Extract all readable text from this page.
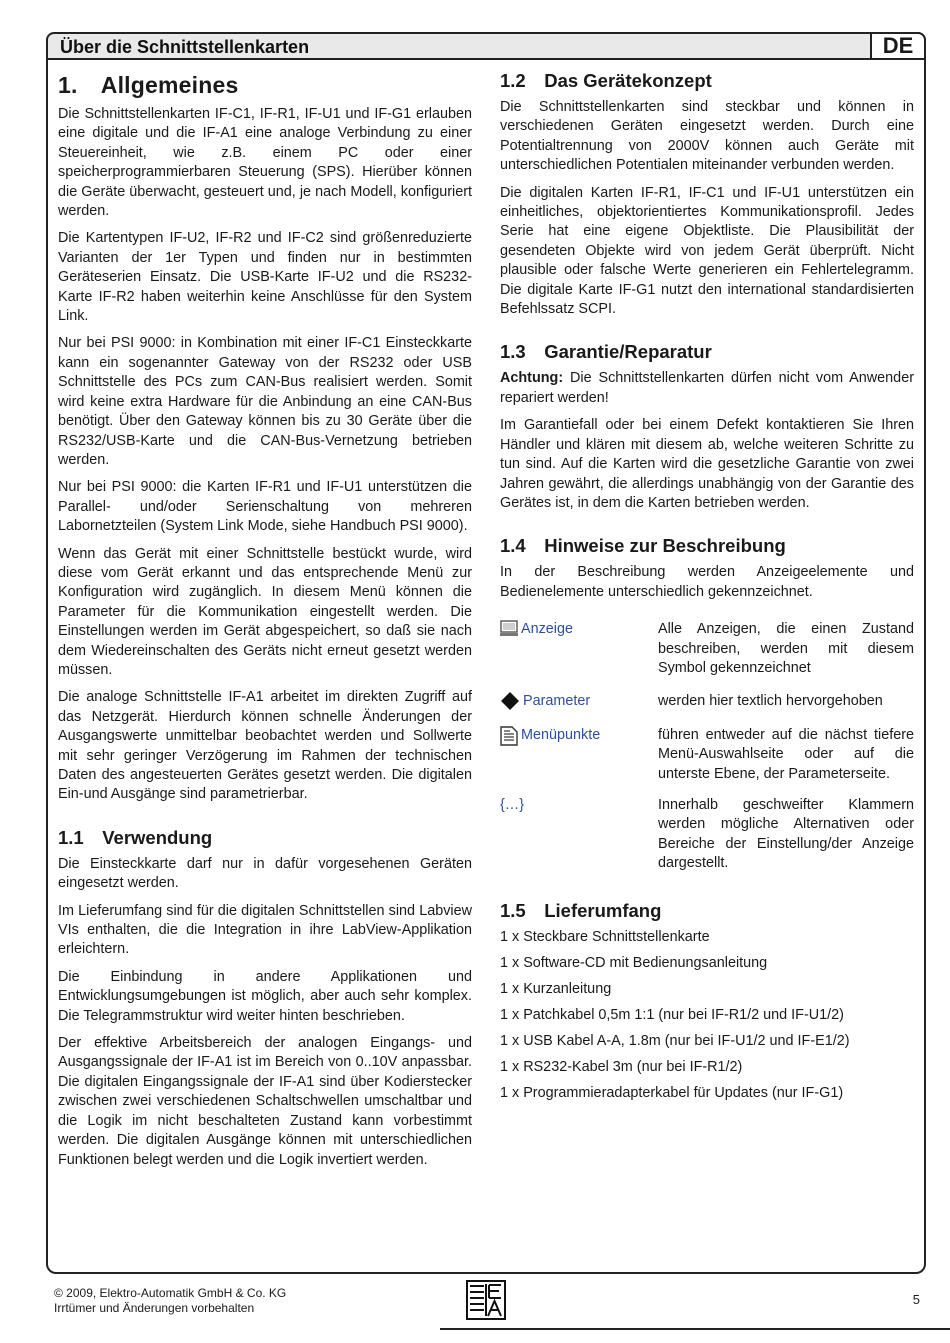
Über die Schnittstellenkarten	DE
1. Allgemeines

Die Schnittstellenkarten IF-C1, IF-R1, IF-U1 und IF-G1 erlauben eine digitale und die IF-A1 eine analoge Verbindung zu einer Steuereinheit, wie z.B. einem PC oder einer speicherprogrammierbaren Steuerung (SPS). Hierüber können die Geräte überwacht, gesteuert und, je nach Modell, konfiguriert werden.

Die Kartentypen IF-U2, IF-R2 und IF-C2 sind größenreduzierte Varianten der 1er Typen und finden nur in bestimmten Geräteserien Einsatz. Die USB-Karte IF-U2 und die RS232-Karte IF-R2 haben weiterhin keine Anschlüsse für den System Link.

Nur bei PSI 9000: in Kombination mit einer IF-C1 Einsteckkarte kann ein sogenannter Gateway von der RS232 oder USB Schnittstelle des PCs zum CAN-Bus realisiert werden. Somit wird keine extra Hardware für die Anbindung an eine CAN-Bus benötigt. Über den Gateway können bis zu 30 Geräte über die RS232/USB-Karte und die CAN-Bus-Vernetzung betrieben werden.

Nur bei PSI 9000: die Karten IF-R1 und IF-U1 unterstützen die Parallel- und/oder Serienschaltung von mehreren Labornetzteilen (System Link Mode, siehe Handbuch PSI 9000).

Wenn das Gerät mit einer Schnittstelle bestückt wurde, wird diese vom Gerät erkannt und das entsprechende Menü zur Konfiguration wird zugänglich. In diesem Menü können die Parameter für die Kommunikation eingestellt werden. Die Einstellungen werden im Gerät abgespeichert, so daß sie nach dem Wiedereinschalten des Geräts nicht erneut gesetzt werden müssen.

Die analoge Schnittstelle IF-A1 arbeitet im direkten Zugriff auf das Netzgerät. Hierdurch können schnelle Änderungen der Ausgangswerte unmittelbar beobachtet werden und Sollwerte mit sehr geringer Verzögerung im Rahmen der technischen Daten des angesteuerten Gerätes gesetzt werden. Die digitalen Ein-und Ausgänge sind parametrierbar.

1.1 Verwendung

Die Einsteckkarte darf nur in dafür vorgesehenen Geräten eingesetzt werden.

Im Lieferumfang sind für die digitalen Schnittstellen sind Labview VIs enthalten, die die Integration in ihre LabView-Applikation erleichtern.

Die Einbindung in andere Applikationen und Entwicklungsumgebungen ist möglich, aber auch sehr komplex. Die Telegrammstruktur wird weiter hinten beschrieben.

Der effektive Arbeitsbereich der analogen Eingangs- und Ausgangssignale der IF-A1 ist im Bereich von 0..10V anpassbar. Die digitalen Eingangssignale der IF-A1 sind über Kodierstecker zwischen zwei verschiedenen Schaltschwellen umschaltbar und die Logik im nicht beschalteten Zustand kann vorbestimmt werden. Die digitalen Ausgänge können mit unterschiedlichen Funktionen belegt werden und die Logik invertiert werden.

1.2 Das Gerätekonzept

Die Schnittstellenkarten sind steckbar und können in verschiedenen Geräten eingesetzt werden. Durch eine Potentialtrennung von 2000V können auch Geräte mit unterschiedlichen Potentialen miteinander verbunden werden.

Die digitalen Karten IF-R1, IF-C1 und IF-U1 unterstützen ein einheitliches, objektorientiertes Kommunikationsprofil. Jedes Serie hat eine eigene Objektliste. Die Plausibilität der gesendeten Objekte wird von jedem Gerät überprüft. Nicht plausible oder falsche Werte generieren ein Fehlertelegramm. Die digitale Karte IF-G1 nutzt den international standardisierten Befehlssatz SCPI.

1.3 Garantie/Reparatur

Achtung: Die Schnittstellenkarten dürfen nicht vom Anwender repariert werden!

Im Garantiefall oder bei einem Defekt kontaktieren Sie Ihren Händler und klären mit diesem ab, welche weiteren Schritte zu tun sind. Auf die Karten wird die gesetzliche Garantie von zwei Jahren gewährt, die allerdings unabhängig von der Garantie des Gerätes ist, in dem die Karten betrieben werden.

1.4 Hinweise zur Beschreibung

In der Beschreibung werden Anzeigeelemente und Bedienelemente unterschiedlich gekennzeichnet.

Anzeige	Alle Anzeigen, die einen Zustand beschreiben, werden mit diesem Symbol gekennzeichnet
Parameter	werden hier textlich hervorgehoben
Menüpunkte	führen entweder auf die nächst tiefere Menü-Auswahlseite oder auf die unterste Ebene, der Parameterseite.
{…}	Innerhalb geschweifter Klammern werden mögliche Alternativen oder Bereiche der Einstellung/der Anzeige dargestellt.
1.5 Lieferumfang
1 x Steckbare Schnittstellenkarte
1 x Software-CD mit Bedienungsanleitung
1 x Kurzanleitung
1 x Patchkabel 0,5m 1:1 (nur bei IF-R1/2 und IF-U1/2)
1 x USB Kabel A-A, 1.8m (nur bei IF-U1/2 und IF-E1/2)
1 x RS232-Kabel 3m (nur bei IF-R1/2)
1 x Programmieradapterkabel für Updates (nur IF-G1)
© 2009, Elektro-Automatik GmbH & Co. KG
Irrtümer und Änderungen vorbehalten
5
